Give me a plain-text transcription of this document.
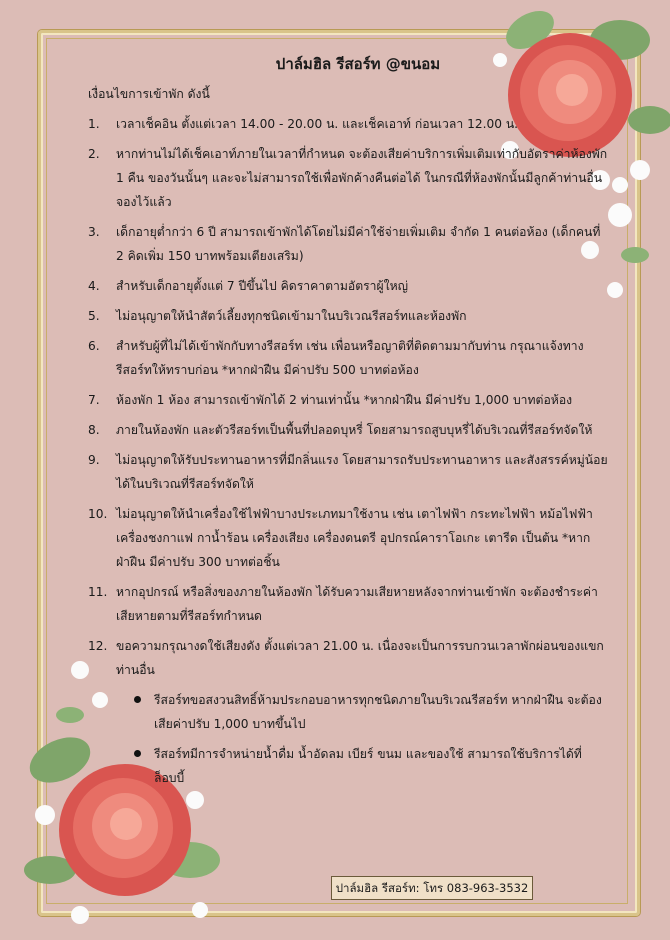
ปาล์มฮิล รีสอร์ท @ขนอม
เงื่อนไขการเข้าพัก ดังนี้
1. เวลาเช็คอิน ตั้งแต่เวลา 14.00 - 20.00 น. และเช็คเอาท์ ก่อนเวลา 12.00 น.
2. หากท่านไม่ได้เช็คเอาท์ภายในเวลาที่กำหนด จะต้องเสียค่าบริการเพิ่มเติมเท่ากับอัตราค่าห้องพัก 1 คืน ของวันนั้นๆ และจะไม่สามารถใช้เพื่อพักค้างคืนต่อได้ ในกรณีที่ห้องพักนั้นมีลูกค้าท่านอื่นจองไว้แล้ว
3. เด็กอายุต่ำกว่า 6 ปี สามารถเข้าพักได้โดยไม่มีค่าใช้จ่ายเพิ่มเติม จำกัด 1 คนต่อห้อง (เด็กคนที่ 2 คิดเพิ่ม 150 บาทพร้อมเตียงเสริม)
4. สำหรับเด็กอายุตั้งแต่ 7 ปีขึ้นไป คิดราคาตามอัตราผู้ใหญ่
5. ไม่อนุญาตให้นำสัตว์เลี้ยงทุกชนิดเข้ามาในบริเวณรีสอร์ทและห้องพัก
6. สำหรับผู้ที่ไม่ได้เข้าพักกับทางรีสอร์ท เช่น เพื่อนหรือญาติที่ติดตามมากับท่าน กรุณาแจ้งทางรีสอร์ทให้ทราบก่อน *หากฝ่าฝืน มีค่าปรับ 500 บาทต่อห้อง
7. ห้องพัก 1 ห้อง สามารถเข้าพักได้ 2 ท่านเท่านั้น *หากฝ่าฝืน มีค่าปรับ 1,000 บาทต่อห้อง
8. ภายในห้องพัก และตัวรีสอร์ทเป็นพื้นที่ปลอดบุหรี่ โดยสามารถสูบบุหรี่ได้บริเวณที่รีสอร์ทจัดให้
9. ไม่อนุญาตให้รับประทานอาหารที่มีกลิ่นแรง โดยสามารถรับประทานอาหาร และสังสรรค์หมู่น้อย ได้ในบริเวณที่รีสอร์ทจัดให้
10. ไม่อนุญาตให้นำเครื่องใช้ไฟฟ้าบางประเภทมาใช้งาน เช่น เตาไฟฟ้า กระทะไฟฟ้า หม้อไฟฟ้า เครื่องชงกาแฟ กาน้ำร้อน เครื่องเสียง เครื่องดนตรี อุปกรณ์คาราโอเกะ เตารีด เป็นต้น *หากฝ่าฝืน มีค่าปรับ 300 บาทต่อชิ้น
11. หากอุปกรณ์ หรือสิ่งของภายในห้องพัก ได้รับความเสียหายหลังจากท่านเข้าพัก จะต้องชำระค่าเสียหายตามที่รีสอร์ทกำหนด
12. ขอความกรุณางดใช้เสียงดัง ตั้งแต่เวลา 21.00 น. เนื่องจะเป็นการรบกวนเวลาพักผ่อนของแขกท่านอื่น
รีสอร์ทขอสงวนสิทธิ์ห้ามประกอบอาหารทุกชนิดภายในบริเวณรีสอร์ท หากฝ่าฝืน จะต้องเสียค่าปรับ 1,000 บาทขึ้นไป
รีสอร์ทมีการจำหน่ายน้ำดื่ม น้ำอัดลม เบียร์ ขนม และของใช้ สามารถใช้บริการได้ที่ล็อบบี้
ปาล์มฮิล รีสอร์ท: โทร 083-963-3532
